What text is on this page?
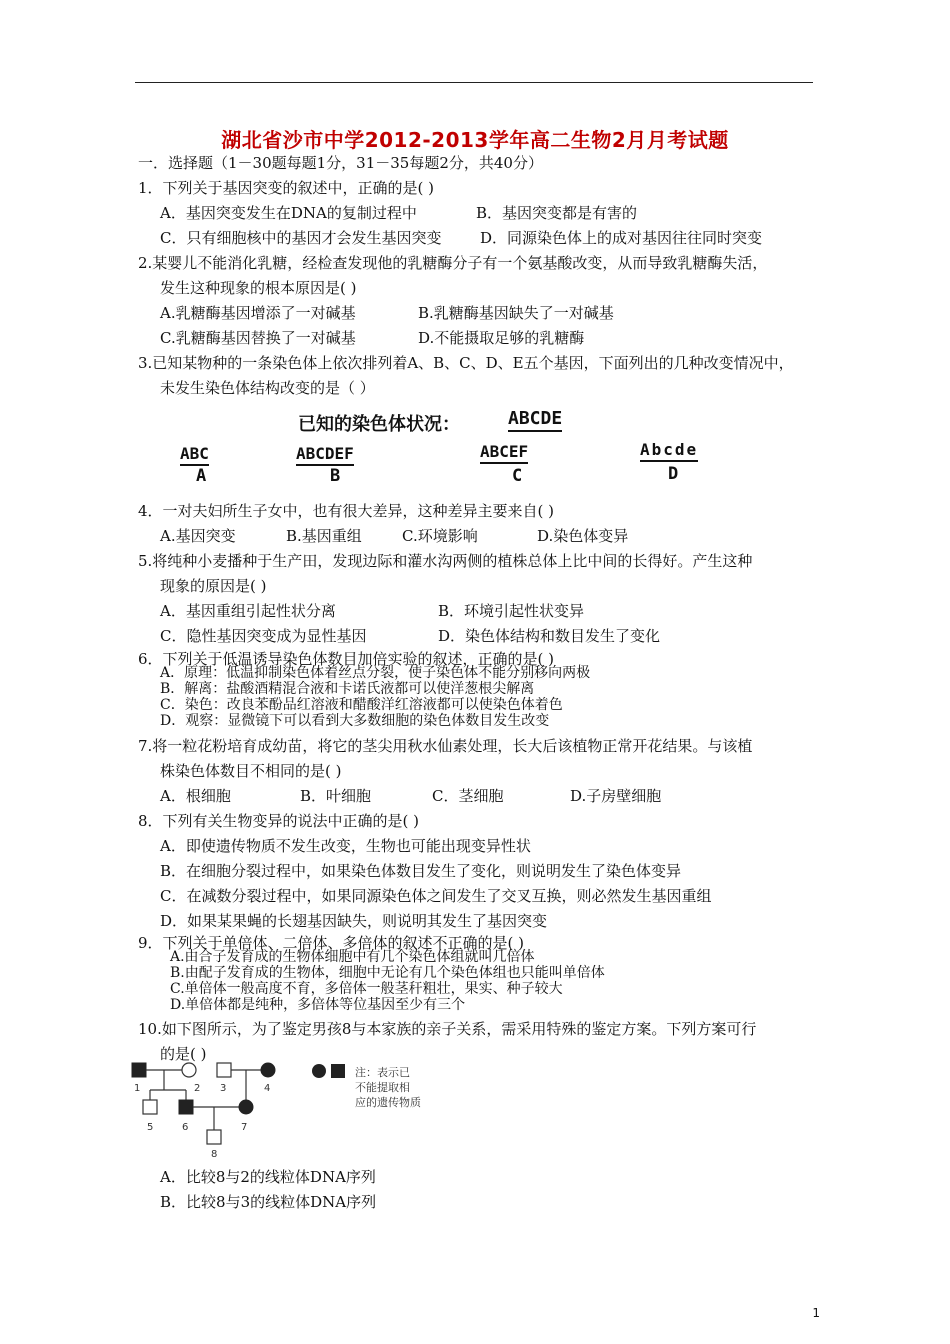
湖北省沙市中学2012-2013学年高二生物2月月考试题
一．选择题（1－30题每题1分，31－35每题2分，共40分）
1．下列关于基因突变的叙述中，正确的是( )
A．基因突变发生在DNA的复制过程中	B．基因突变都是有害的
C．只有细胞核中的基因才会发生基因突变	D．同源染色体上的成对基因往往同时突变
2.某婴儿不能消化乳糖，经检查发现他的乳糖酶分子有一个氨基酸改变，从而导致乳糖酶失活，
发生这种现象的根本原因是( )
A.乳糖酶基因增添了一对碱基	B.乳糖酶基因缺失了一对碱基
C.乳糖酶基因替换了一对碱基	D.不能摄取足够的乳糖酶
3.已知某物种的一条染色体上依次排列着A、B、C、D、E五个基因，下面列出的几种改变情况中，
未发生染色体结构改变的是（ ）
已知的染色体状况：	ABCDE
ABC
A
ABCDEF
B
ABCEF
C
Abcde
D
4．一对夫妇所生子女中，也有很大差异，这种差异主要来自( )
A.基因突变	B.基因重组	C.环境影响	D.染色体变异
5.将纯种小麦播种于生产田，发现边际和灌水沟两侧的植株总体上比中间的长得好。产生这种
现象的原因是( )
A．基因重组引起性状分离	B．环境引起性状变异
C．隐性基因突变成为显性基因	D．染色体结构和数目发生了变化
6．下列关于低温诱导染色体数目加倍实验的叙述，正确的是( )
A．原理：低温抑制染色体着丝点分裂，使子染色体不能分别移向两极
B．解离：盐酸酒精混合液和卡诺氏液都可以使洋葱根尖解离
C．染色：改良苯酚品红溶液和醋酸洋红溶液都可以使染色体着色
D．观察：显微镜下可以看到大多数细胞的染色体数目发生改变
7.将一粒花粉培育成幼苗，将它的茎尖用秋水仙素处理，长大后该植物正常开花结果。与该植
株染色体数目不相同的是( )
A．根细胞	B．叶细胞	C．茎细胞	D.子房壁细胞
8．下列有关生物变异的说法中正确的是( )
A．即使遗传物质不发生改变，生物也可能出现变异性状
B．在细胞分裂过程中，如果染色体数目发生了变化，则说明发生了染色体变异
C．在减数分裂过程中，如果同源染色体之间发生了交叉互换，则必然发生基因重组
D．如果某果蝇的长翅基因缺失，则说明其发生了基因突变
9．下列关于单倍体、二倍体、多倍体的叙述不正确的是( )
A.由合子发育成的生物体细胞中有几个染色体组就叫几倍体
B.由配子发育成的生物体，细胞中无论有几个染色体组也只能叫单倍体
C.单倍体一般高度不育，多倍体一般茎秆粗壮，果实、种子较大
D.单倍体都是纯种，多倍体等位基因至少有三个
10.如下图所示，为了鉴定男孩8与本家族的亲子关系，需采用特殊的鉴定方案。下列方案可行
的是( )
1	2 3	4
5	6	7
8
注：表示已
不能提取相
应的遗传物质
A．比较8与2的线粒体DNA序列
B．比较8与3的线粒体DNA序列
1
